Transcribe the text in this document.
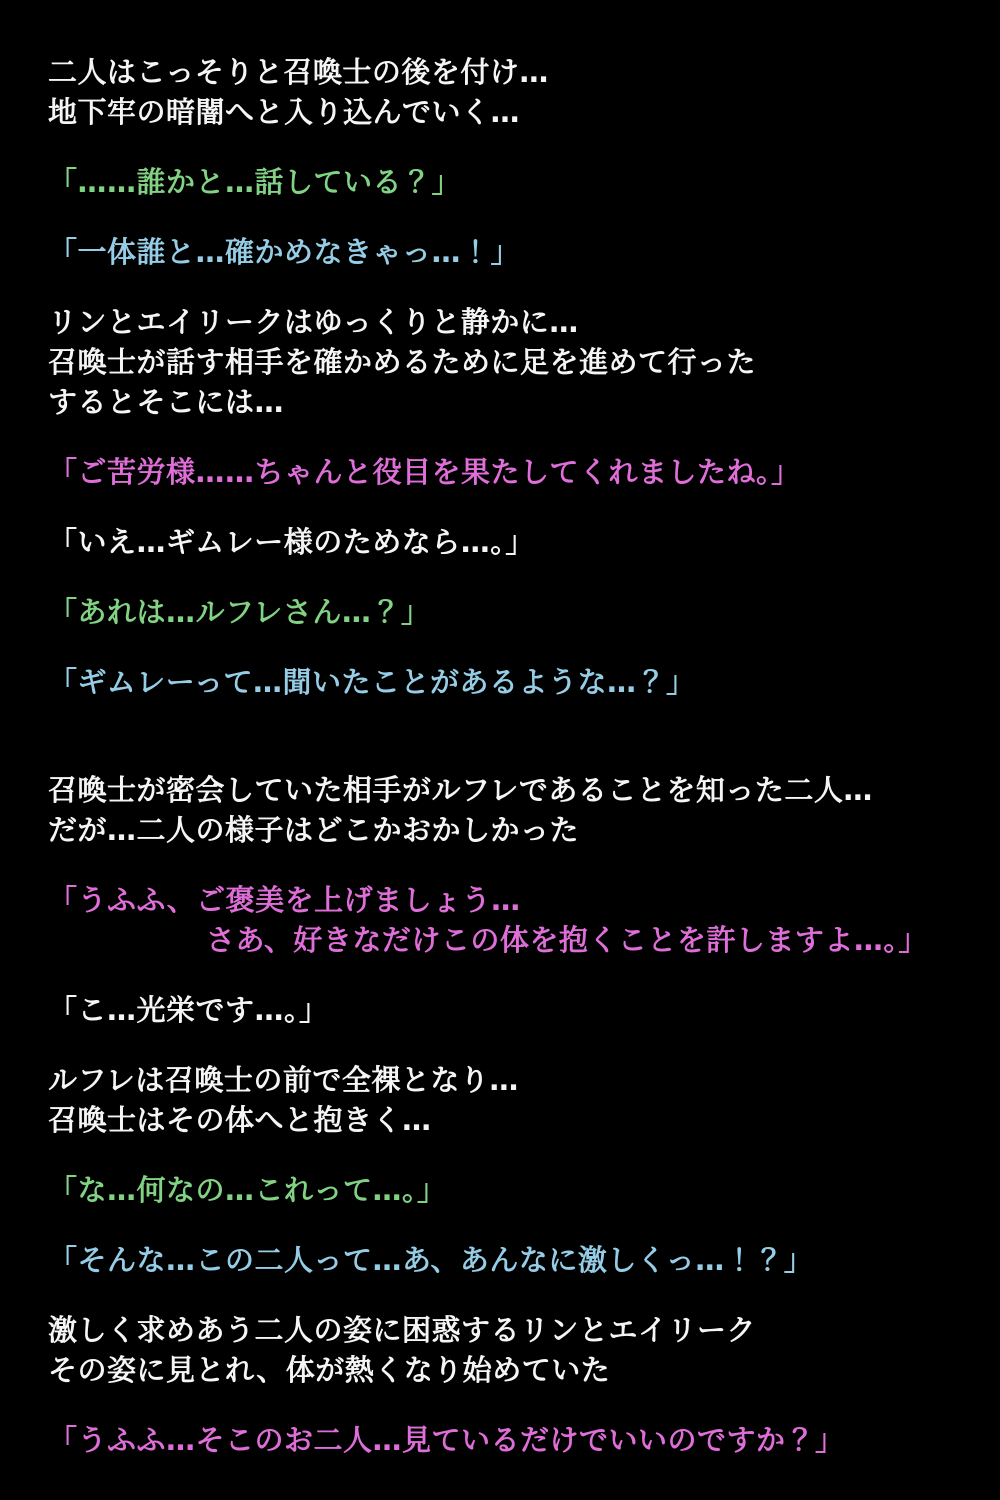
二人はこっそりと召喚士の後を付け…
地下牢の暗闇へと入り込んでいく…

「……誰かと…話している？」

「一体誰と…確かめなきゃっ…！」

リンとエイリークはゆっくりと静かに…
召喚士が話す相手を確かめるために足を進めて行った
するとそこには…

「ご苦労様……ちゃんと役目を果たしてくれましたね。」

「いえ…ギムレー様のためなら…。」

「あれは…ルフレさん…？」

「ギムレーって…聞いたことがあるような…？」

召喚士が密会していた相手がルフレであることを知った二人…
だが…二人の様子はどこかおかしかった

「うふふ、ご褒美を上げましょう…
さあ、好きなだけこの体を抱くことを許しますよ…。」

「こ…光栄です…。」

ルフレは召喚士の前で全裸となり…
召喚士はその体へと抱きく…

「な…何なの…これって…。」

「そんな…この二人って…あ、あんなに激しくっ…！？」

激しく求めあう二人の姿に困惑するリンとエイリーク
その姿に見とれ、体が熱くなり始めていた

「うふふ…そこのお二人…見ているだけでいいのですか？」
